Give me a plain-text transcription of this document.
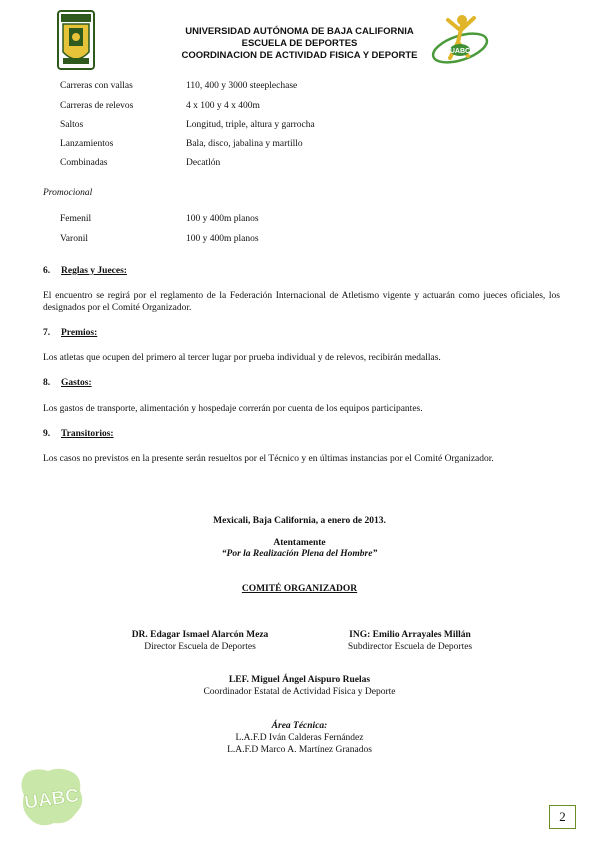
UNIVERSIDAD AUTÓNOMA DE BAJA CALIFORNIA
ESCUELA DE DEPORTES
COORDINACION DE ACTIVIDAD FISICA Y DEPORTE	UABC
Carreras con vallas	110, 400 y 3000 steeplechase
Carreras de relevos	4 x 100 y 4 x 400m
Saltos	Longitud, triple, altura y garrocha
Lanzamientos	Bala, disco, jabalina y martillo
Combinadas	Decatlón
Promocional
Femenil	100 y 400m planos
Varonil	100 y 400m planos
6. Reglas y Jueces:
El encuentro se regirá por el reglamento de la Federación Internacional de Atletismo vigente y actuarán como jueces oficiales, los designados por el Comité Organizador.
7. Premios:
Los atletas que ocupen del primero al tercer lugar por prueba individual y de relevos, recibirán medallas.
8. Gastos:
Los gastos de transporte, alimentación y hospedaje correrán por cuenta de los equipos participantes.
9. Transitorios:
Los casos no previstos en la presente serán resueltos por el Técnico y en últimas instancias por el Comité Organizador.
Mexicali, Baja California, a enero de 2013.
Atentamente
“Por la Realización Plena del Hombre”
COMITÉ ORGANIZADOR
DR. Edagar Ismael Alarcón Meza
Director Escuela de Deportes
ING: Emilio Arrayales Millán
Subdirector Escuela de Deportes
LEF. Miguel Ángel Aispuro Ruelas
Coordinador Estatal de Actividad Física y Deporte
Área Técnica:
L.A.F.D Iván Calderas Fernández
L.A.F.D Marco A. Martínez Granados
UABC
2
